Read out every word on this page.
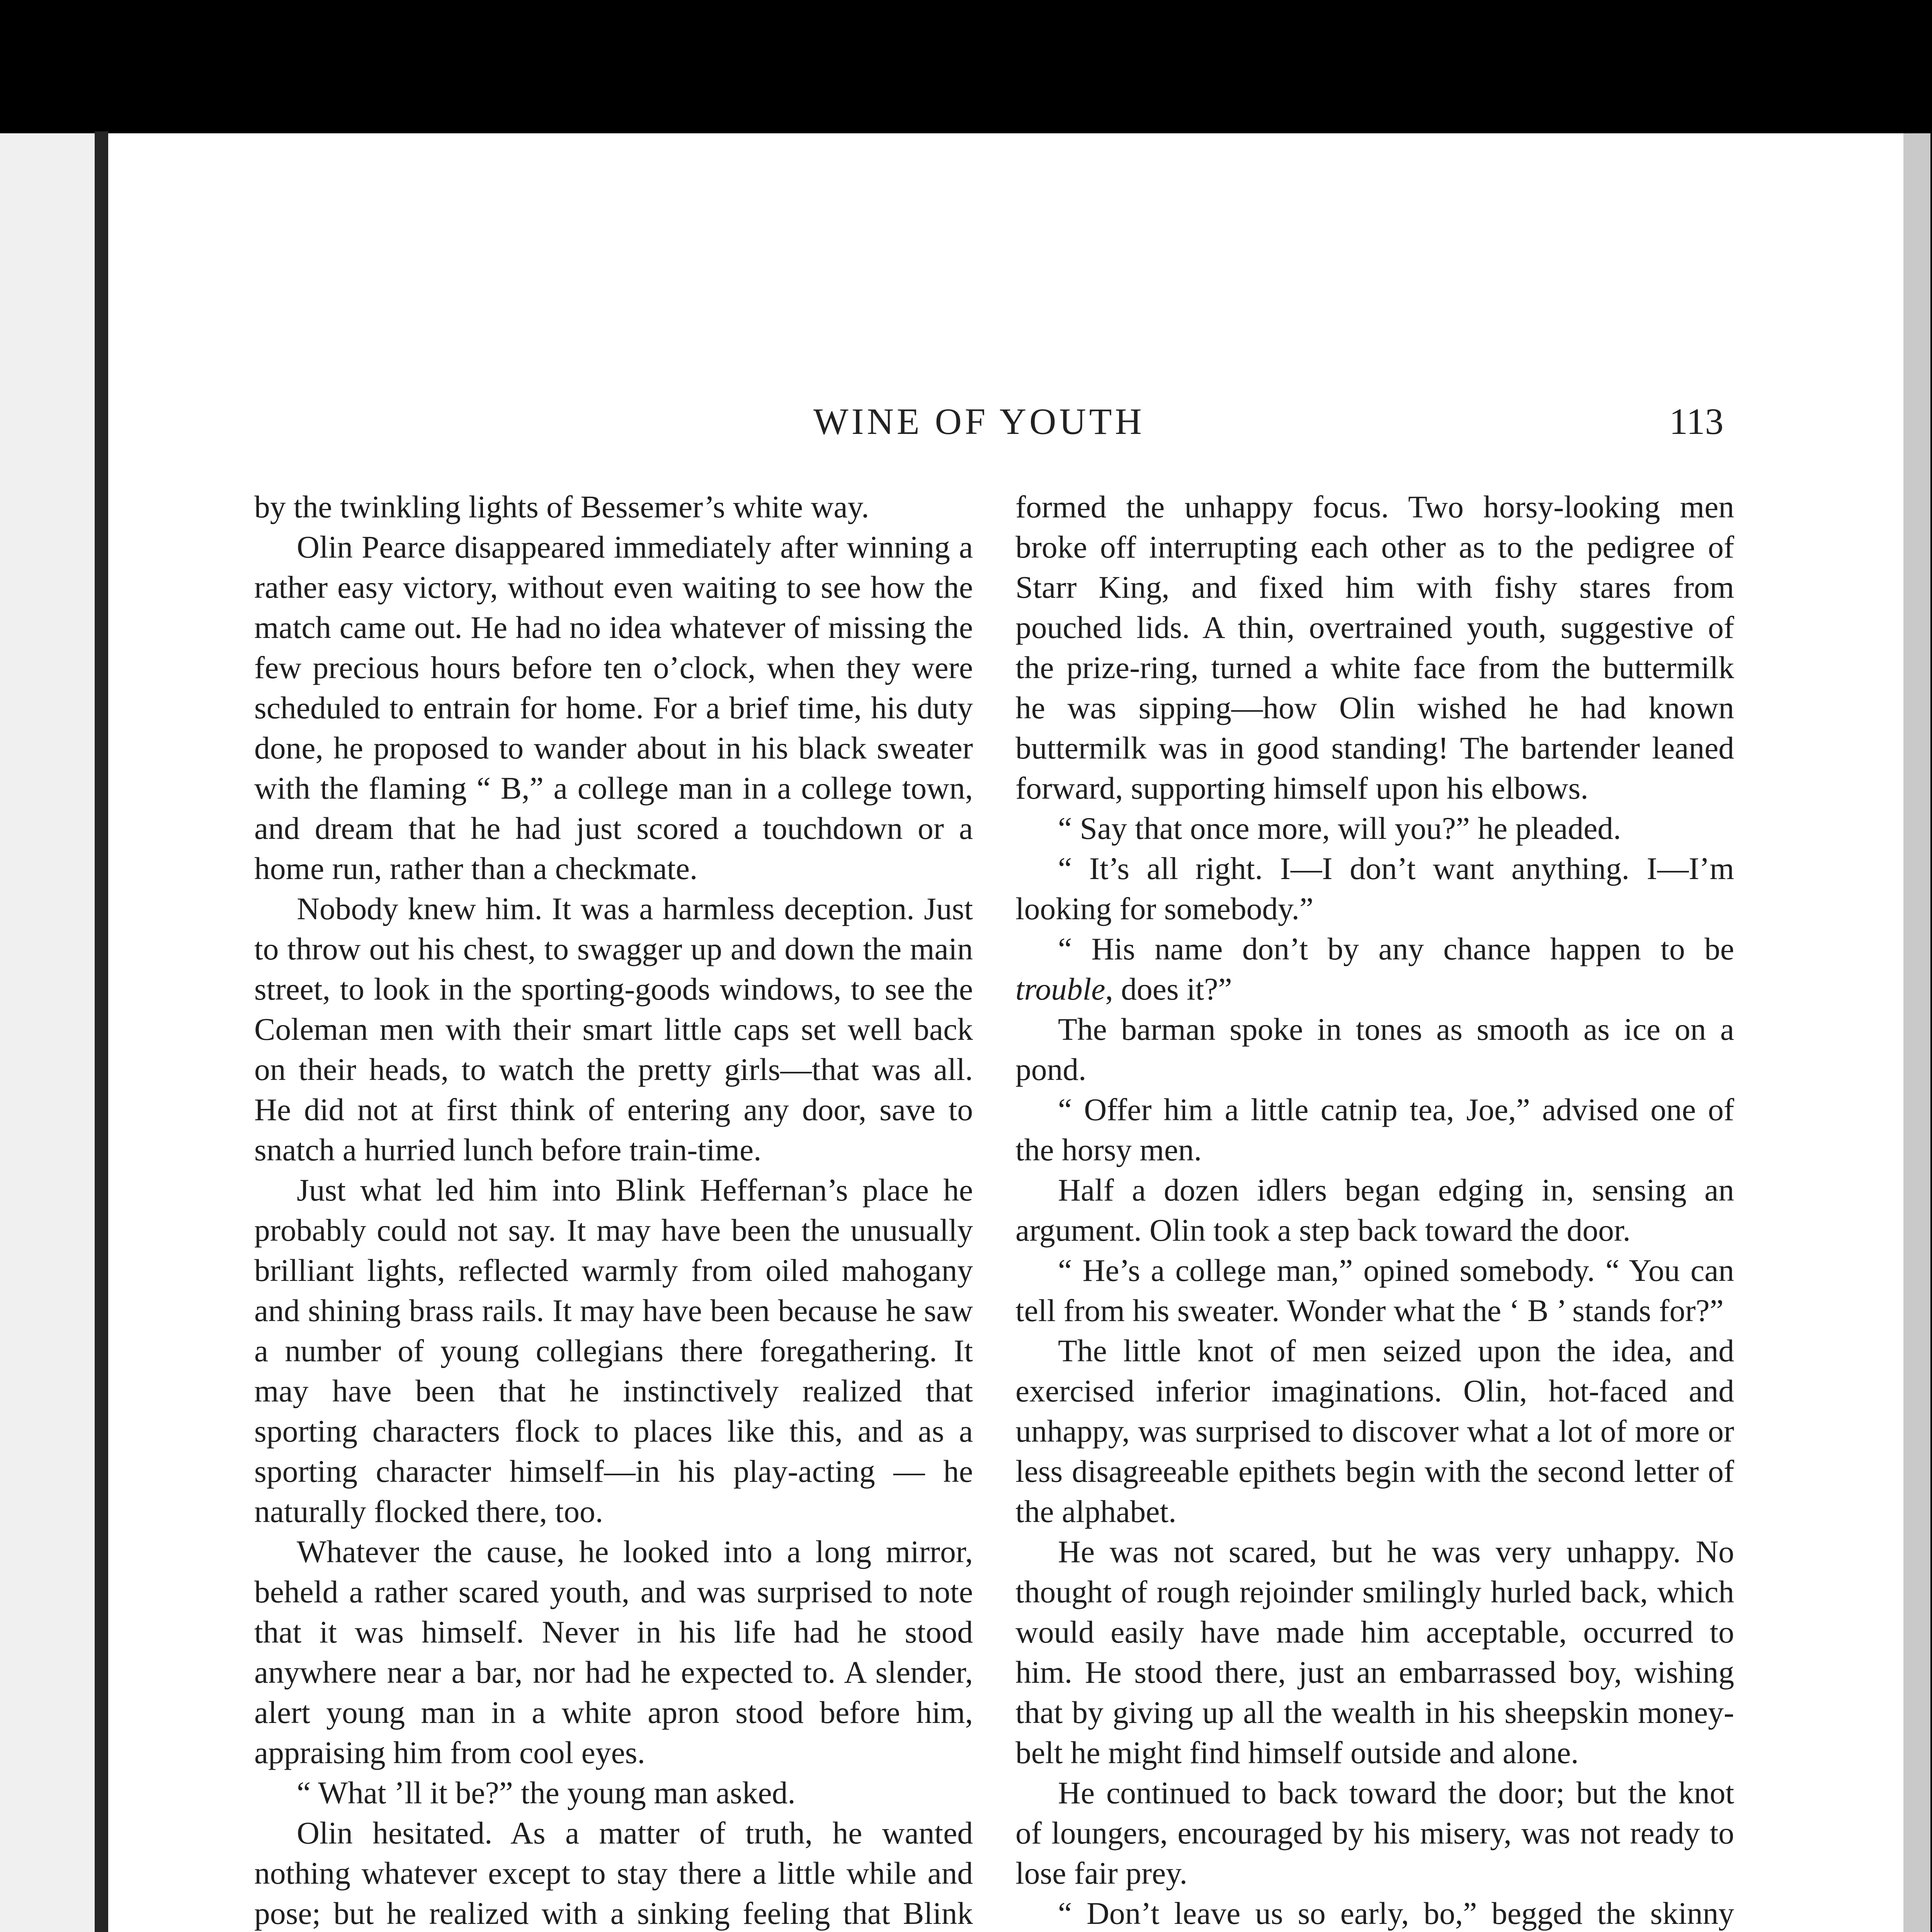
WINE OF YOUTH	113

by the twinkling lights of Bessemer’s white way.

Olin Pearce disappeared immediately after winning a rather easy victory, without even waiting to see how the match came out. He had no idea whatever of missing the few precious hours before ten o’clock, when they were scheduled to entrain for home. For a brief time, his duty done, he proposed to wander about in his black sweater with the flaming “ B,” a college man in a college town, and dream that he had just scored a touchdown or a home run, rather than a checkmate.

Nobody knew him. It was a harmless deception. Just to throw out his chest, to swagger up and down the main street, to look in the sporting-goods windows, to see the Coleman men with their smart little caps set well back on their heads, to watch the pretty girls—that was all. He did not at first think of entering any door, save to snatch a hurried lunch before train-time.

Just what led him into Blink Heffernan’s place he probably could not say. It may have been the unusually brilliant lights, reflected warmly from oiled mahogany and shining brass rails. It may have been because he saw a number of young collegians there foregathering. It may have been that he instinctively realized that sporting characters flock to places like this, and as a sporting character himself—in his play-acting — he naturally flocked there, too.

Whatever the cause, he looked into a long mirror, beheld a rather scared youth, and was surprised to note that it was himself. Never in his life had he stood anywhere near a bar, nor had he expected to. A slender, alert young man in a white apron stood before him, appraising him from cool eyes.

“ What ’ll it be?” the young man asked.

Olin hesitated. As a matter of truth, he wanted nothing whatever except to stay there a little while and pose; but he realized with a sinking feeling that Blink

formed the unhappy focus. Two horsy-looking men broke off interrupting each other as to the pedigree of Starr King, and fixed him with fishy stares from pouched lids. A thin, overtrained youth, suggestive of the prize-ring, turned a white face from the buttermilk he was sipping—how Olin wished he had known buttermilk was in good standing! The bartender leaned forward, supporting himself upon his elbows.

“ Say that once more, will you?” he pleaded.

“ It’s all right. I—I don’t want anything. I—I’m looking for somebody.”

“ His name don’t by any chance happen to be trouble, does it?”

The barman spoke in tones as smooth as ice on a pond.

“ Offer him a little catnip tea, Joe,” advised one of the horsy men.

Half a dozen idlers began edging in, sensing an argument. Olin took a step back toward the door.

“ He’s a college man,” opined somebody. “ You can tell from his sweater. Wonder what the ‘ B ’ stands for?”

The little knot of men seized upon the idea, and exercised inferior imaginations. Olin, hot-faced and unhappy, was surprised to discover what a lot of more or less disagreeable epithets begin with the second letter of the alphabet.

He was not scared, but he was very unhappy. No thought of rough rejoinder smilingly hurled back, which would easily have made him acceptable, occurred to him. He stood there, just an embarrassed boy, wishing that by giving up all the wealth in his sheepskin money-belt he might find himself outside and alone.

He continued to back toward the door; but the knot of loungers, encouraged by his misery, was not ready to lose fair prey.

“ Don’t leave us so early, bo,” begged the skinny
